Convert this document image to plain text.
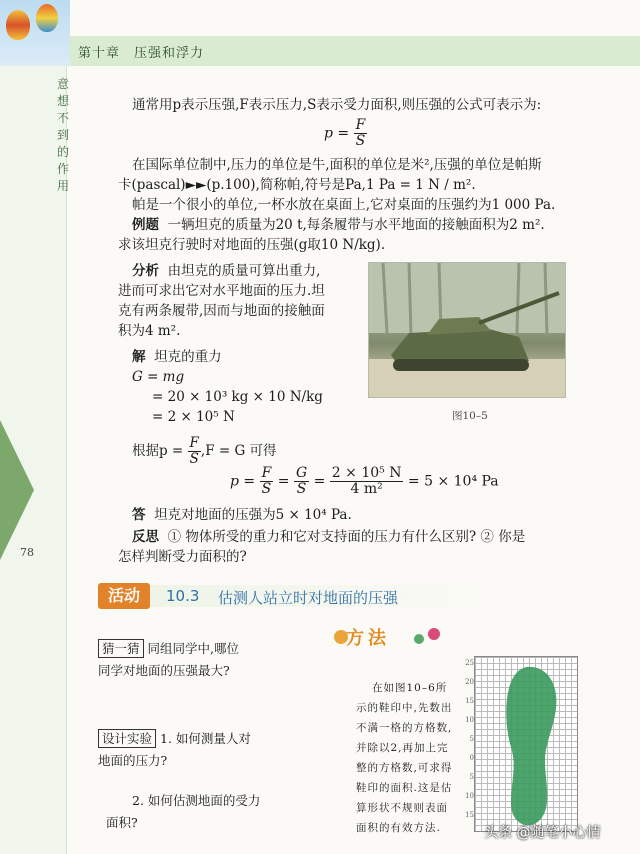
第十章　压强和浮力
意
想
不
到
的
作
用
78
通常用p表示压强,F表示压力,S表示受力面积,则压强的公式可表示为:
$p = \frac{F}{S}$
在国际单位制中,压力的单位是牛,面积的单位是米²,压强的单位是帕斯
卡(pascal)►►(p.100),简称帕,符号是Pa,1 Pa = 1 N / m².
帕是一个很小的单位,一杯水放在桌面上,它对桌面的压强约为1 000 Pa.
例题 一辆坦克的质量为20 t,每条履带与水平地面的接触面积为2 m².
求该坦克行驶时对地面的压强(g取10 N/kg).
分析 由坦克的质量可算出重力,
进而可求出它对水平地面的压力.坦
克有两条履带,因而与地面的接触面
积为4 m².
图10–5
解 坦克的重力
G = mg
= 20 × 10³ kg × 10 N/kg
= 2 × 10⁵ N
根据$p = \frac{F}{S} ,F = G$ 可得
$p = \frac{F}{S} = \frac{G}{S} = \frac{\text{2 × 10⁵ N}}{\text{4 m²}} = 5 \times 10^4$ Pa
答 坦克对地面的压强为5 × 10⁴ Pa.
反思 ① 物体所受的重力和它对支持面的压力有什么区别? ② 你是
怎样判断受力面积的?
活动	10.3 估测人站立时对地面的压强
猜一猜 同组同学中,哪位
同学对地面的压强最大?
设计实验 1. 如何测量人对
地面的压力?
2. 如何估测地面的受力
面积?
方法
在如图10–6所
示的鞋印中,先数出
不满一格的方格数,
并除以2,再加上完
整的方格数,可求得
鞋印的面积.这是估
算形状不规则表面
面积的有效方法.
25
20
15
10
5
0
5
10
15
头条 @随笔小心情
